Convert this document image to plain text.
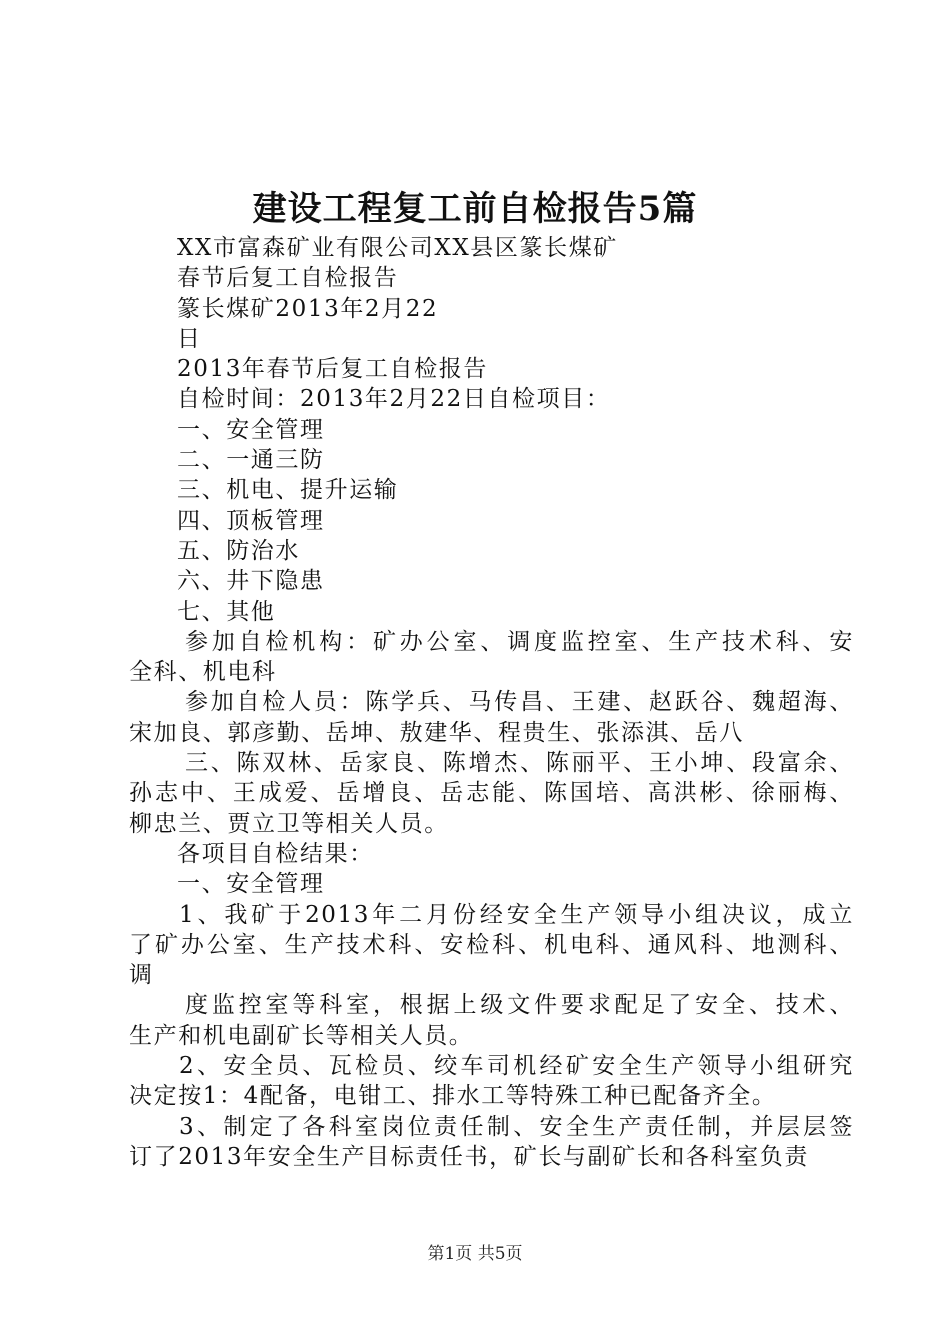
建设工程复工前自检报告5篇
XX市富森矿业有限公司XX县区篆长煤矿
春节后复工自检报告
篆长煤矿2013年2月22
日
2013年春节后复工自检报告
自检时间：2013年2月22日自检项目：
一、安全管理
二、一通三防
三、机电、提升运输
四、顶板管理
五、防治水
六、井下隐患
七、其他
参加自检机构：矿办公室、调度监控室、生产技术科、安
全科、机电科
参加自检人员：陈学兵、马传昌、王建、赵跃谷、魏超海、
宋加良、郭彦勤、岳坤、敖建华、程贵生、张添淇、岳八
三、陈双林、岳家良、陈增杰、陈丽平、王小坤、段富余、
孙志中、王成爱、岳增良、岳志能、陈国培、高洪彬、徐丽梅、
柳忠兰、贾立卫等相关人员。
各项目自检结果：
一、安全管理
1、我矿于2013年二月份经安全生产领导小组决议，成立
了矿办公室、生产技术科、安检科、机电科、通风科、地测科、
调
度监控室等科室，根据上级文件要求配足了安全、技术、
生产和机电副矿长等相关人员。
2、安全员、瓦检员、绞车司机经矿安全生产领导小组研究
决定按1：4配备，电钳工、排水工等特殊工种已配备齐全。
3、制定了各科室岗位责任制、安全生产责任制，并层层签
订了2013年安全生产目标责任书，矿长与副矿长和各科室负责
第1页 共5页
